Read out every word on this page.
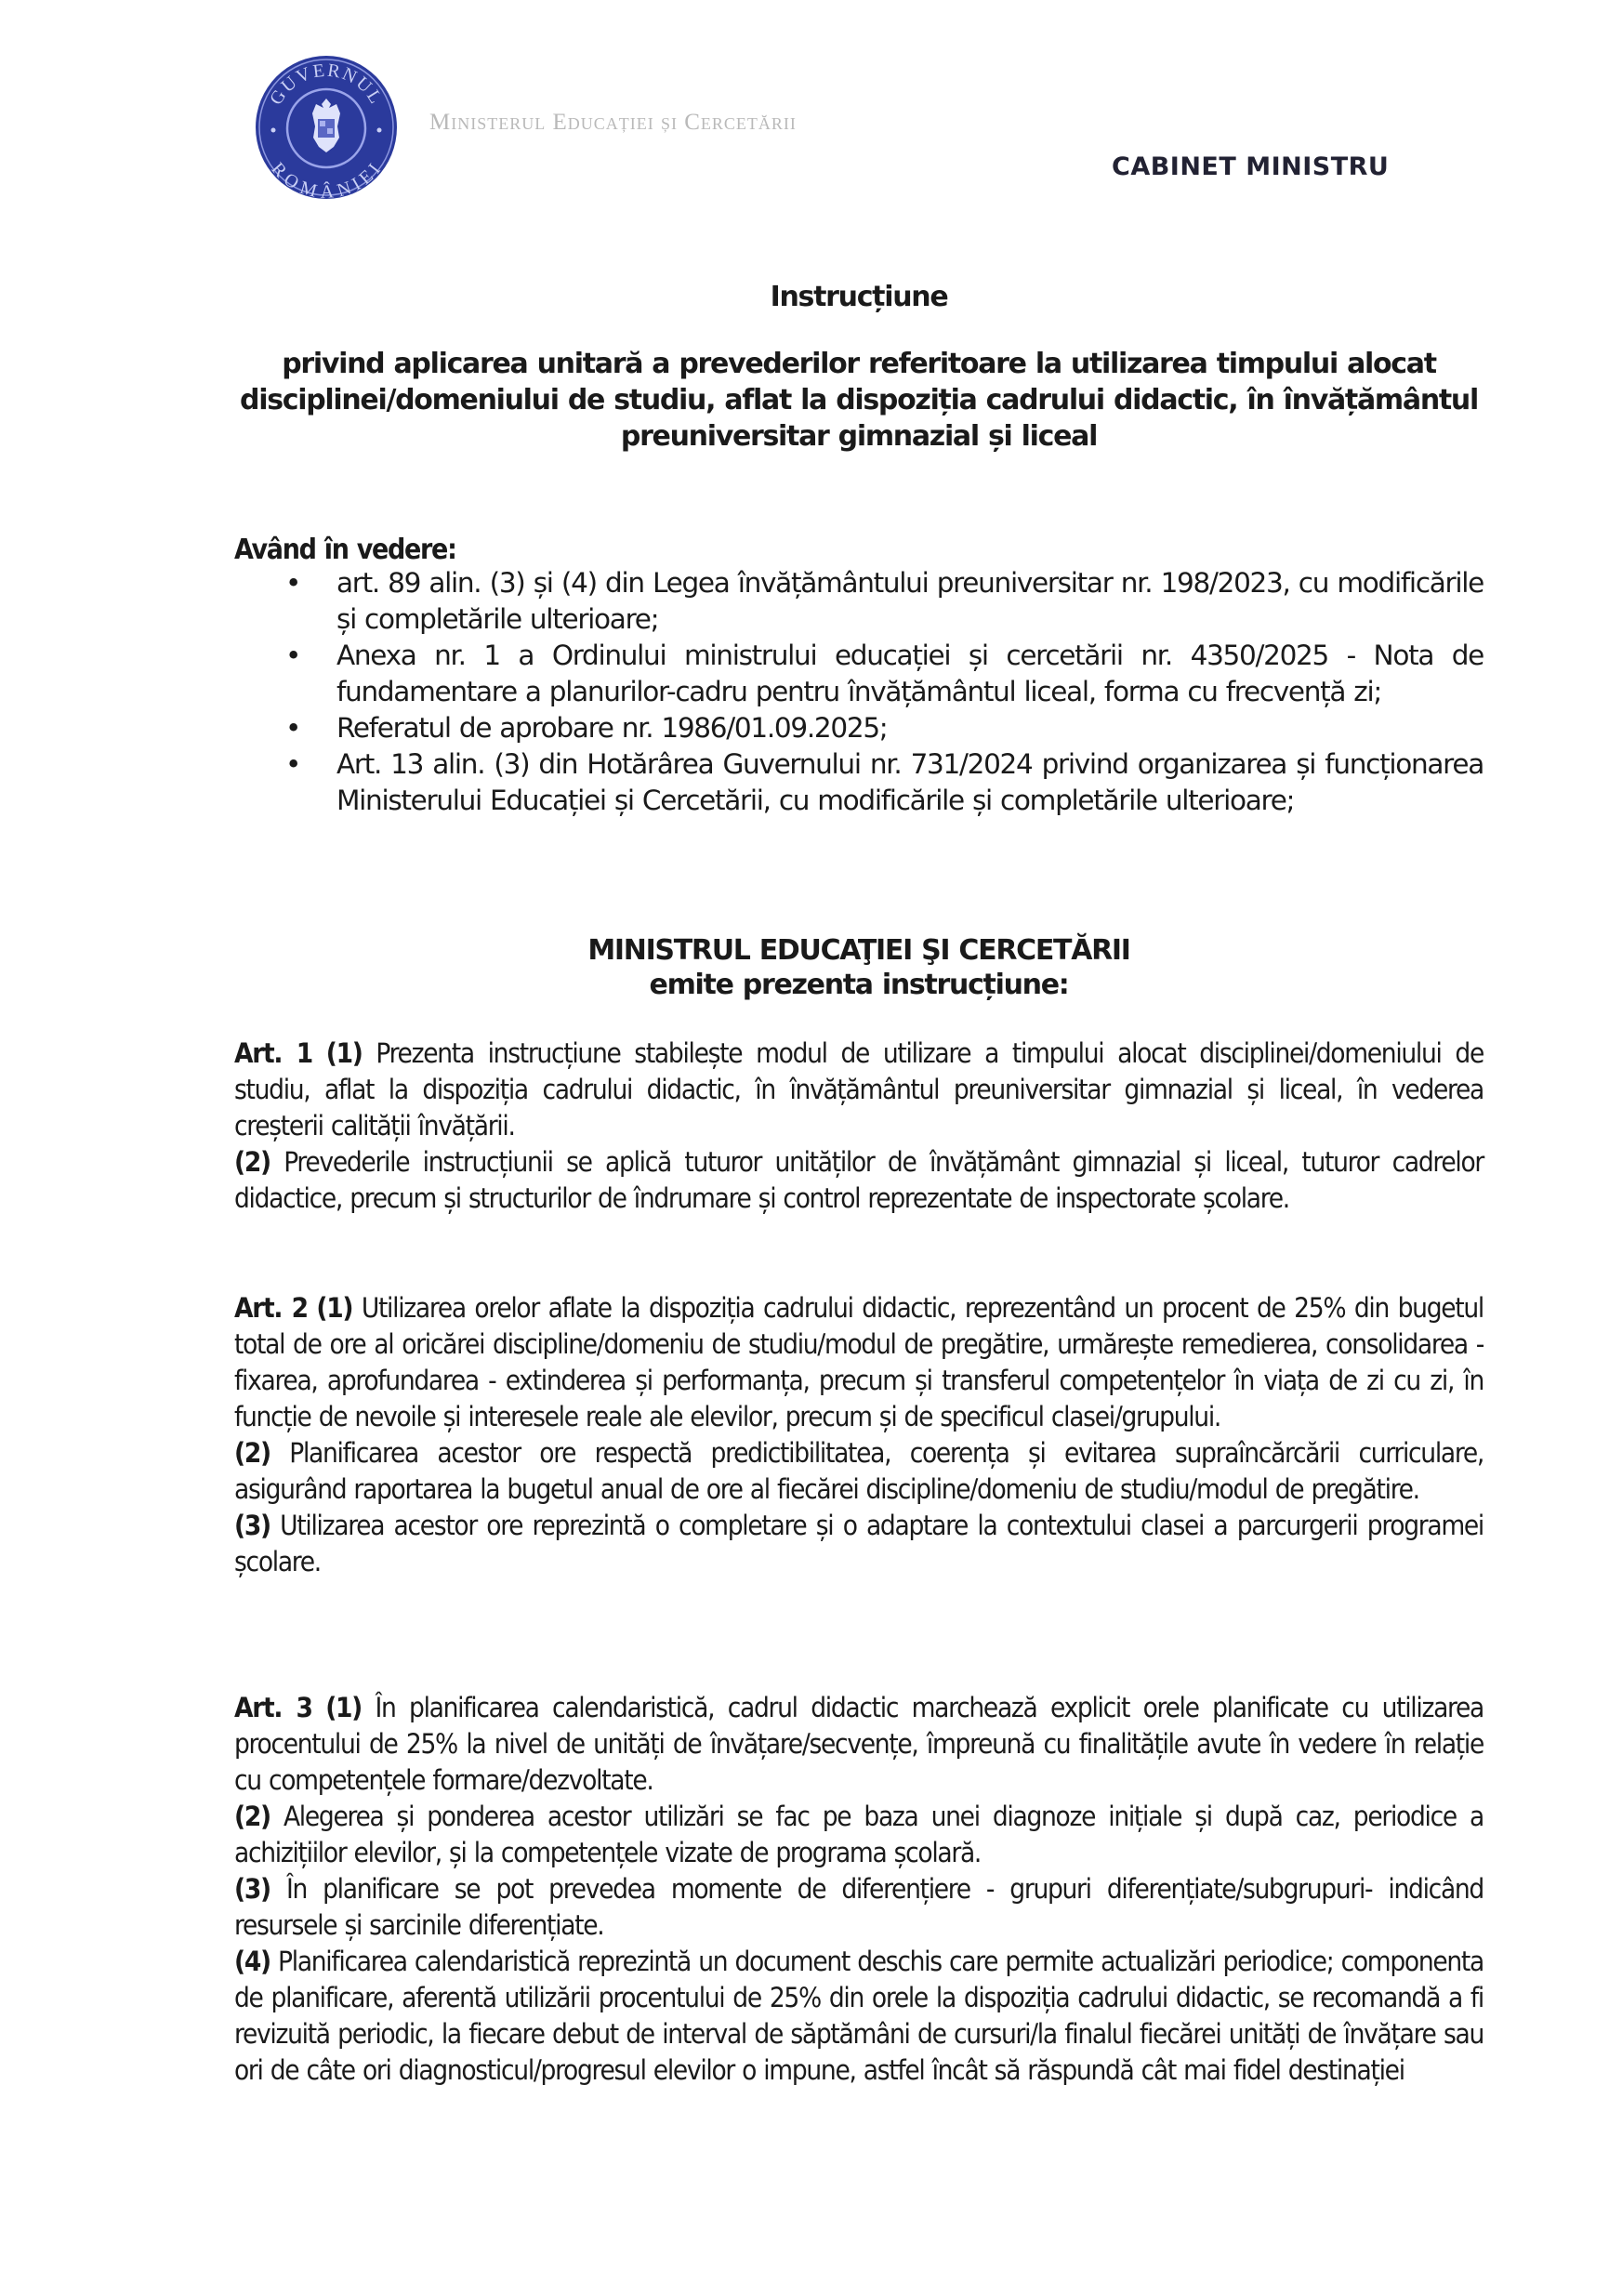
GUVERNUL
ROMÂNIEI
Ministerul Educației și Cercetării
CABINET MINISTRU
Instrucțiune
privind aplicarea unitară a prevederilor referitoare la utilizarea timpului alocat
disciplinei/domeniului de studiu, aflat la dispoziția cadrului didactic, în învățământul
preuniversitar gimnazial și liceal
Având în vedere:
• art. 89 alin. (3) și (4) din Legea învățământului preuniversitar nr. 198/2023, cu modificările și completările ulterioare;
• Anexa nr. 1 a Ordinului ministrului educației și cercetării nr. 4350/2025 - Nota de fundamentare a planurilor-cadru pentru învățământul liceal, forma cu frecvență zi;
• Referatul de aprobare nr. 1986/01.09.2025;
• Art. 13 alin. (3) din Hotărârea Guvernului nr. 731/2024 privind organizarea și funcționarea Ministerului Educației și Cercetării, cu modificările și completările ulterioare;
MINISTRUL EDUCAŢIEI ŞI CERCETĂRII
emite prezenta instrucțiune:
Art. 1 (1) Prezenta instrucțiune stabilește modul de utilizare a timpului alocat disciplinei/domeniului de studiu, aflat la dispoziția cadrului didactic, în învățământul preuniversitar gimnazial și liceal, în vederea creșterii calității învățării.
(2) Prevederile instrucțiunii se aplică tuturor unităților de învățământ gimnazial și liceal, tuturor cadrelor didactice, precum și structurilor de îndrumare și control reprezentate de inspectorate școlare.
Art. 2 (1) Utilizarea orelor aflate la dispoziția cadrului didactic, reprezentând un procent de 25% din bugetul total de ore al oricărei discipline/domeniu de studiu/modul de pregătire, urmărește remedierea, consolidarea - fixarea, aprofundarea - extinderea și performanța, precum și transferul competențelor în viața de zi cu zi, în funcție de nevoile și interesele reale ale elevilor, precum și de specificul clasei/grupului.
(2) Planificarea acestor ore respectă predictibilitatea, coerența și evitarea supraîncărcării curriculare, asigurând raportarea la bugetul anual de ore al fiecărei discipline/domeniu de studiu/modul de pregătire.
(3) Utilizarea acestor ore reprezintă o completare și o adaptare la contextului clasei a parcurgerii programei școlare.
Art. 3 (1) În planificarea calendaristică, cadrul didactic marchează explicit orele planificate cu utilizarea procentului de 25% la nivel de unități de învățare/secvențe, împreună cu finalitățile avute în vedere în relație cu competențele formare/dezvoltate.
(2) Alegerea și ponderea acestor utilizări se fac pe baza unei diagnoze inițiale și după caz, periodice a achizițiilor elevilor, și la competențele vizate de programa școlară.
(3) În planificare se pot prevedea momente de diferențiere - grupuri diferențiate/subgrupuri- indicând resursele și sarcinile diferențiate.
(4) Planificarea calendaristică reprezintă un document deschis care permite actualizări periodice; componenta de planificare, aferentă utilizării procentului de 25% din orele la dispoziția cadrului didactic, se recomandă a fi revizuită periodic, la fiecare debut de interval de săptămâni de cursuri/la finalul fiecărei unități de învățare sau ori de câte ori diagnosticul/progresul elevilor o impune, astfel încât să răspundă cât mai fidel destinației
